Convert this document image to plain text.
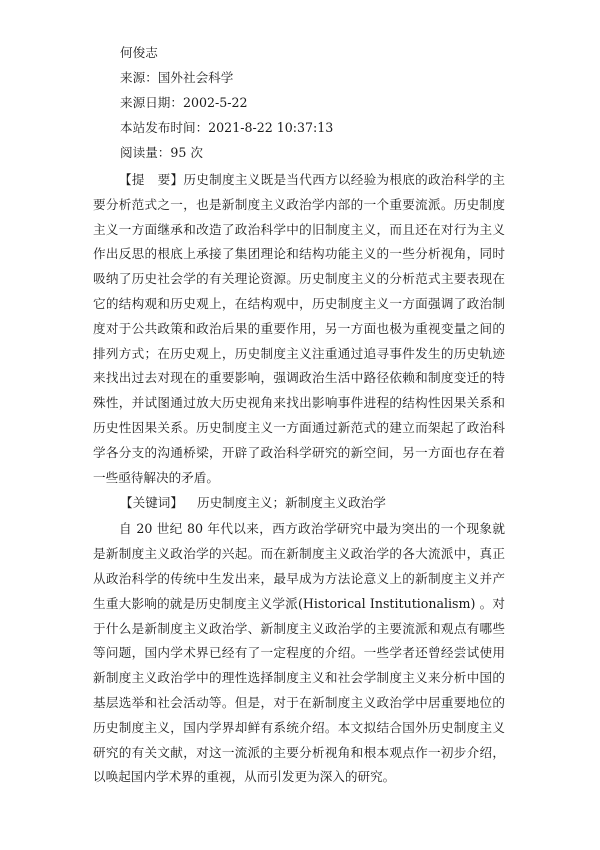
何俊志
来源：国外社会科学
来源日期：2002-5-22
本站发布时间：2021-8-22 10:37:13
阅读量：95 次

【提　要】历史制度主义既是当代西方以经验为根底的政治科学的主要分析范式之一，也是新制度主义政治学内部的一个重要流派。历史制度主义一方面继承和改造了政治科学中的旧制度主义，而且还在对行为主义作出反思的根底上承接了集团理论和结构功能主义的一些分析视角，同时吸纳了历史社会学的有关理论资源。历史制度主义的分析范式主要表现在它的结构观和历史观上，在结构观中，历史制度主义一方面强调了政治制度对于公共政策和政治后果的重要作用，另一方面也极为重视变量之间的排列方式；在历史观上，历史制度主义注重通过追寻事件发生的历史轨迹来找出过去对现在的重要影响，强调政治生活中路径依赖和制度变迁的特殊性，并试图通过放大历史视角来找出影响事件进程的结构性因果关系和历史性因果关系。历史制度主义一方面通过新范式的建立而架起了政治科学各分支的沟通桥梁，开辟了政治科学研究的新空间，另一方面也存在着一些亟待解决的矛盾。

【关键词】 历史制度主义；新制度主义政治学

自 20 世纪 80 年代以来，西方政治学研究中最为突出的一个现象就是新制度主义政治学的兴起。而在新制度主义政治学的各大流派中，真正从政治科学的传统中生发出来，最早成为方法论意义上的新制度主义并产生重大影响的就是历史制度主义学派(Historical Institutionalism) 。对于什么是新制度主义政治学、新制度主义政治学的主要流派和观点有哪些等问题，国内学术界已经有了一定程度的介绍。一些学者还曾经尝试使用新制度主义政治学中的理性选择制度主义和社会学制度主义来分析中国的基层选举和社会活动等。但是，对于在新制度主义政治学中居重要地位的历史制度主义，国内学界却鲜有系统介绍。本文拟结合国外历史制度主义研究的有关文献，对这一流派的主要分析视角和根本观点作一初步介绍，以唤起国内学术界的重视，从而引发更为深入的研究。
